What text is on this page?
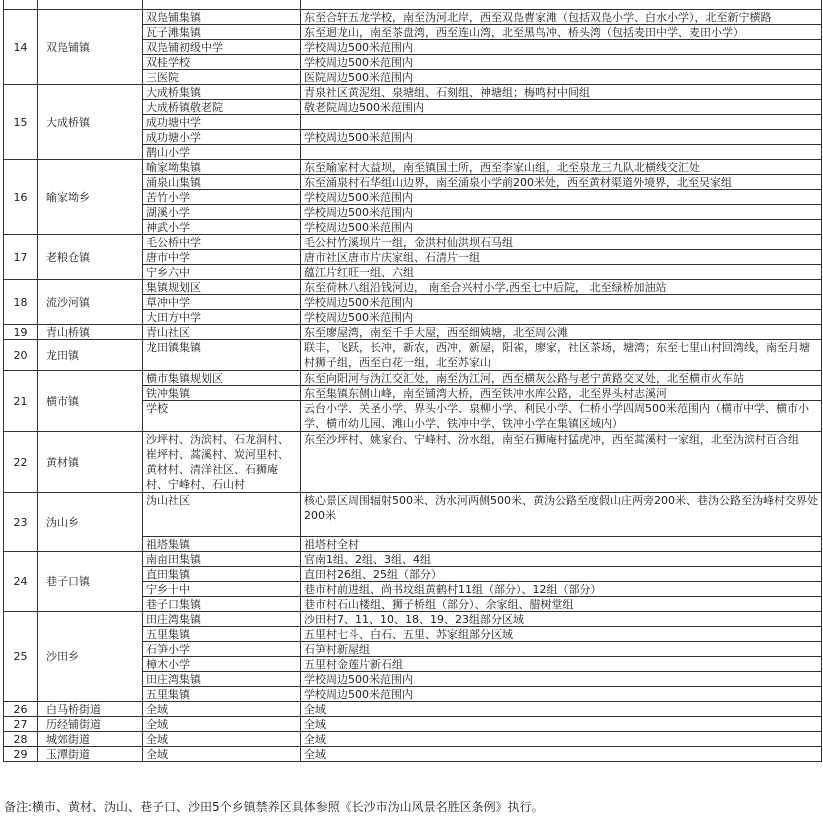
14	双凫铺镇	双凫铺集镇	东至合轩五龙学校，南至沩河北岸，西至双凫曹家滩（包括双凫小学、白水小学），北至新宁横路
		瓦子滩集镇	东至迴龙山，南至茶盘湾，西至连山湾，北至黑鸟冲、桥头湾（包括麦田中学、麦田小学）
		双凫铺初级中学	学校周边500米范围内
		双桂学校	学校周边500米范围内
		三医院	医院周边500米范围内
15	大成桥镇	大成桥集镇	青泉社区黄泥组、泉塘组、石刻组、神塘组；梅鸣村中间组
		大成桥镇敬老院	敬老院周边500米范围内
		成功塘中学	
		成功塘小学	学校周边500米范围内
		鹊山小学	
16	喻家坳乡	喻家坳集镇	东至喻家村大益坝，南至镇国土所，西至李家山组，北至泉龙三九队北横线交汇处
		涌泉山集镇	东至涌泉村石华组山边界，南至涌泉小学前200米处，西至黄材渠道外境界，北至吴家组
		苦竹小学	学校周边500米范围内
		湖溪小学	学校周边500米范围内
		神武小学	学校周边500米范围内
17	老粮仓镇	毛公桥中学	毛公村竹溪坝片一组，金洪村仙洪坝石马组
		唐市中学	唐市社区唐市片庆家组、石清片一组
		宁乡六中	蕴江片红旺一组、六组
18	流沙河镇	集镇规划区	东至荷林八组沿钱河边， 南至合兴村小学,西至七中后院， 北至绿桥加油站
		草冲中学	学校周边500米范围内
		大田方中学	学校周边500米范围内
19	青山桥镇	青山社区	东至廖屋湾，南至千手大屋，西至细姨塘，北至周公滩
20	龙田镇	龙田镇集镇	联丰，飞跃，长冲，新农，西冲，新屋，阳雀，廖家，社区茶场，塘湾；东至七里山村回湾线，南至月塘村狮子组，西至白花一组，北至苏家山
21	横市镇	横市集镇规划区	东至向阳河与沩江交汇处，南至沩江河，西至横灰公路与老宁黄路交叉处，北至横市火车站
		铁冲集镇	东至集镇东侧山峰，南至铺湾大桥，西至铁冲水库公路，北至界头村志溪河
		学校	云台小学、关圣小学、界头小学、泉柳小学、利民小学、仁桥小学四周500米范围内（横市中学、横市小学、横市幼儿园、滩山小学、铁冲中学、铁冲小学在集镇区域内）
22	黄材镇	沙坪村、沩滨村、石龙洞村、崔坪村、蒿溪村、炭河里村、黄材村、清洋社区、石狮庵村、宁峰村、石山村	东至沙坪村、姚家台、宁峰村、汾水组，南至石狮庵村猛虎冲，西至蒿溪村一家组，北至沩滨村百合组
23	沩山乡	沩山社区	核心景区周围辐射500米、沩水河两侧500米、黄沩公路至度假山庄两旁200米、巷沩公路至沩峰村交界处200米
		祖塔集镇	祖塔村全村
24	巷子口镇	南亩田集镇	官南1组、2组、3组、4组
		直田集镇	直田村26组、25组（部分）
		宁乡十中	巷市村前进组、尚书坟组黄鹤村11组（部分）、12组（部分）
		巷子口集镇	巷市村石山楼组、狮子桥组（部分）、余家组、腊树堂组
25	沙田乡	田庄湾集镇	沙田村7、11、10、18、19、23组部分区域
		五里集镇	五里村七斗、白石、五里、苏家组部分区域
		石笋小学	石笋村新屋组
		樟木小学	五里村金莲片新石组
		田庄湾集镇	学校周边500米范围内
		五里集镇	学校周边500米范围内
26	白马桥街道	全域	全域
27	历经铺街道	全域	全域
28	城郊街道	全域	全域
29	玉潭街道	全域	全域
备注:横市、黄材、沩山、巷子口、沙田5个乡镇禁养区具体参照《长沙市沩山风景名胜区条例》执行。
